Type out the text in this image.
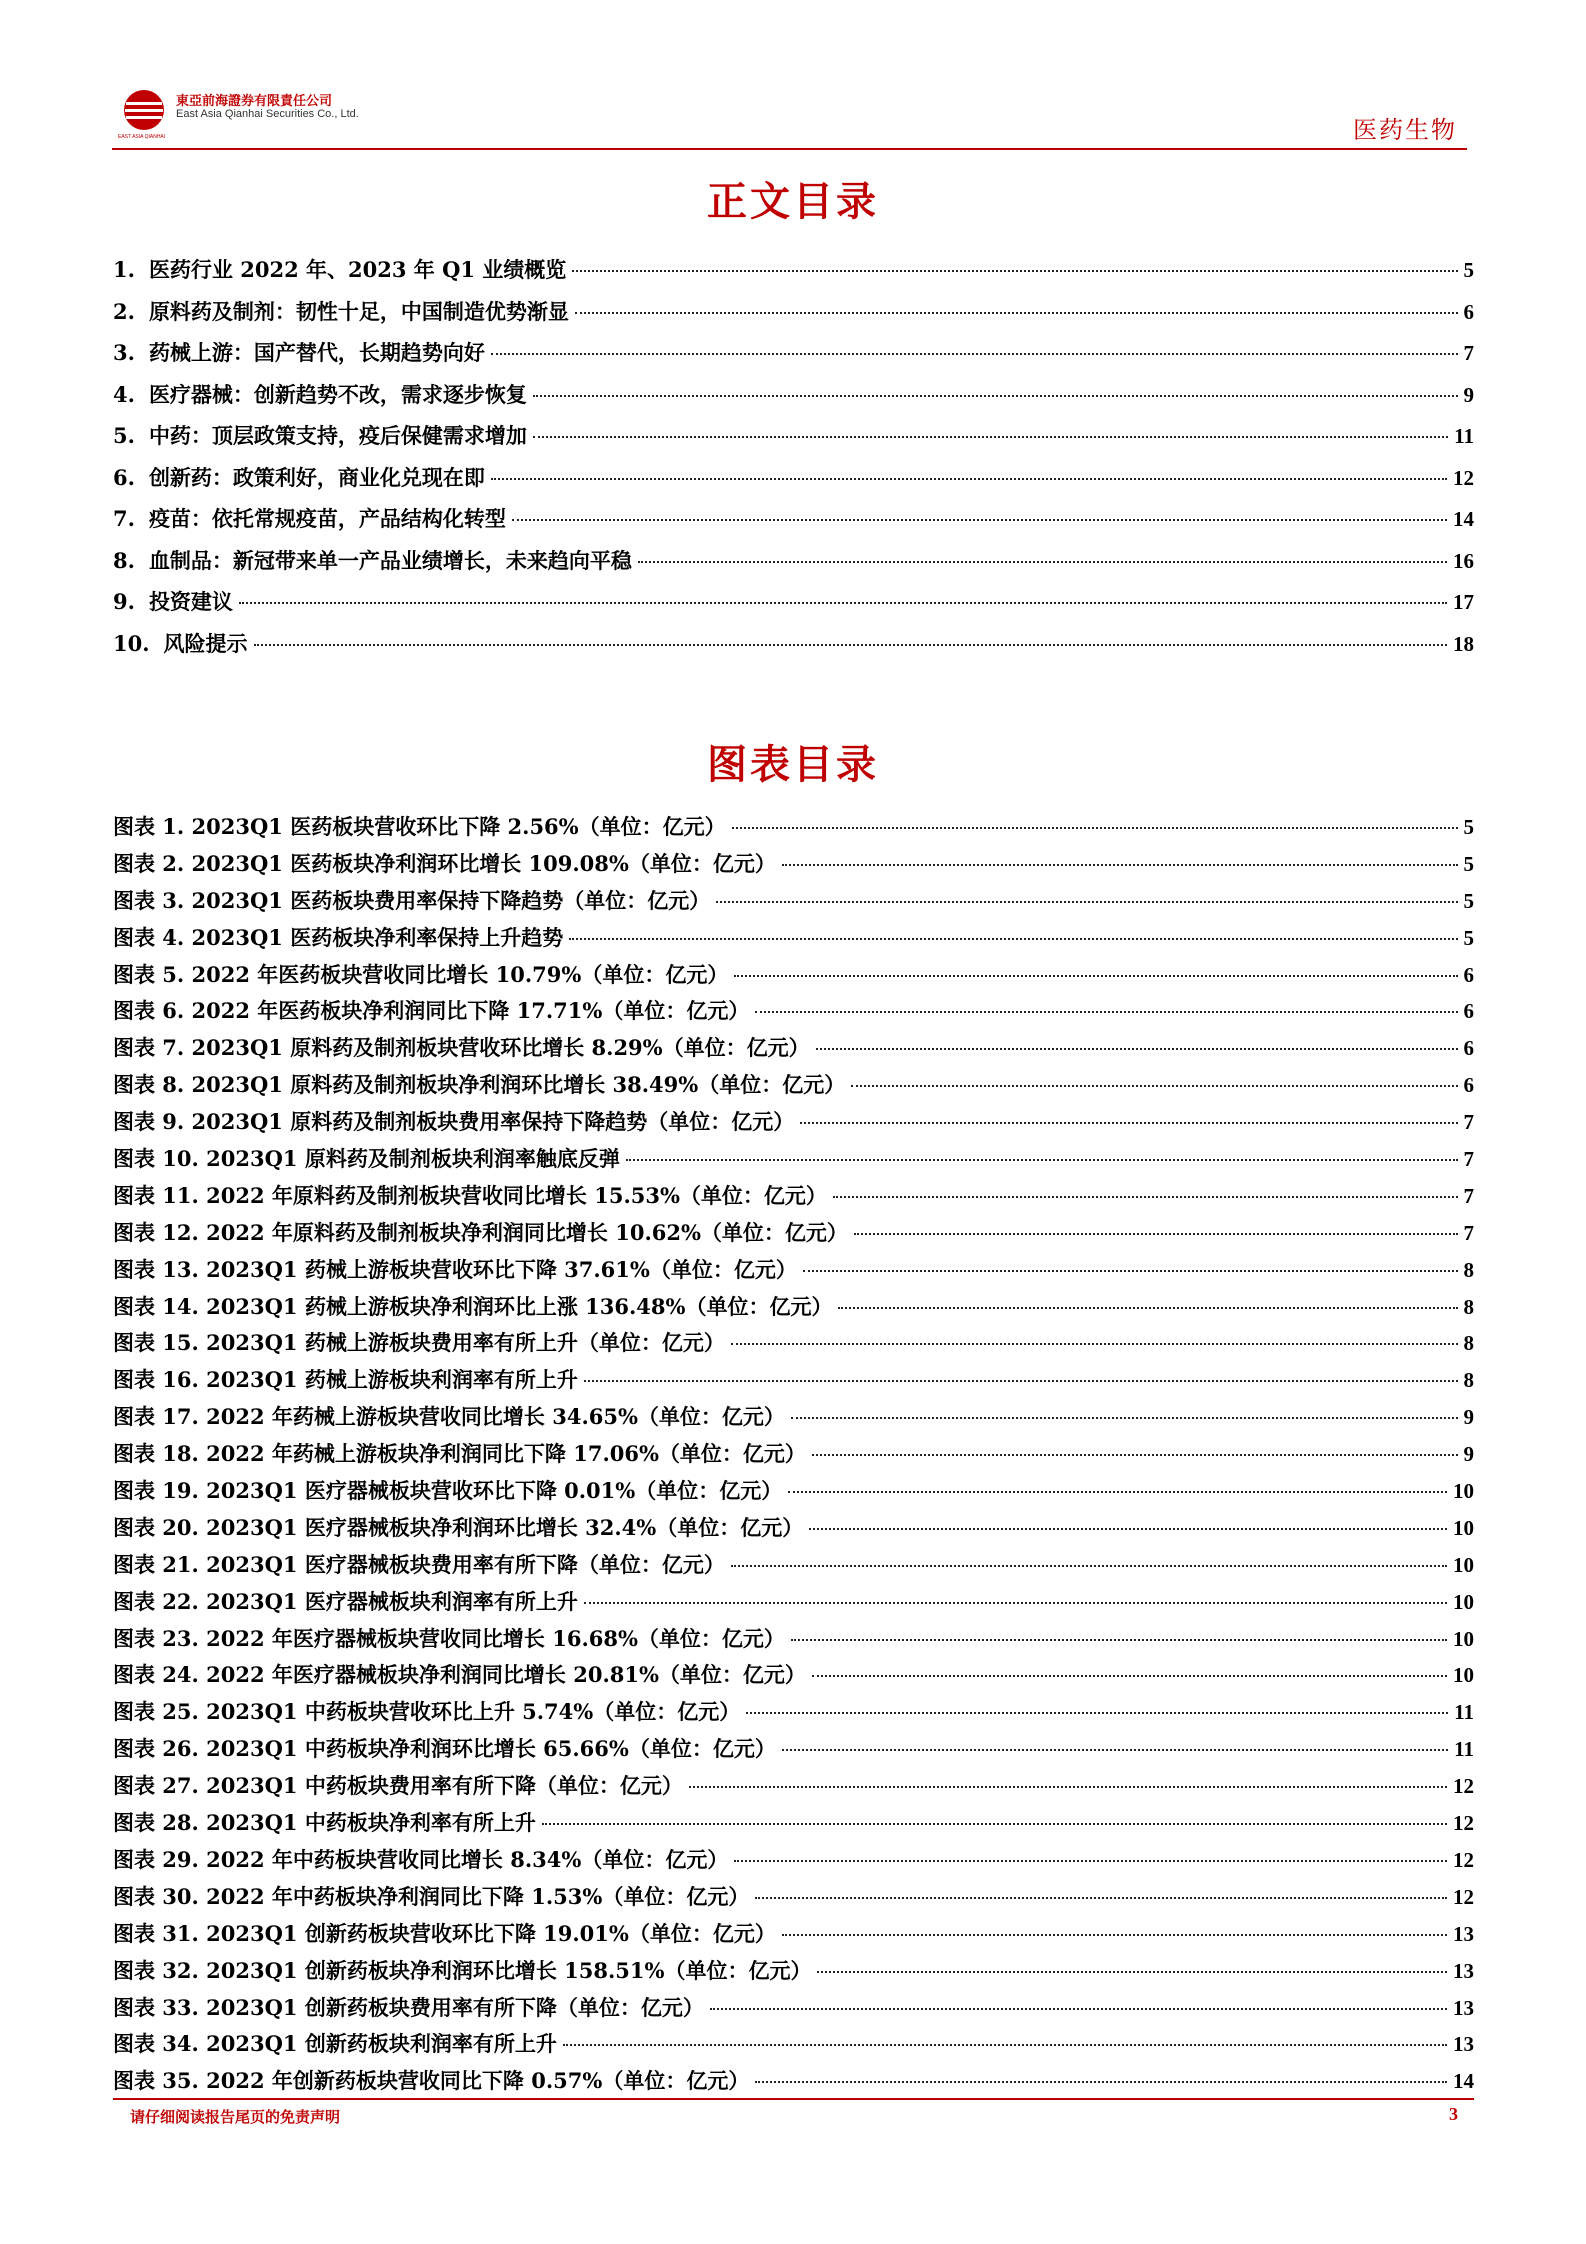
EAST ASIA QIANHAI
東亞前海證券有限責任公司
East Asia Qianhai Securities Co., Ltd.
医药生物
正文目录
1. 医药行业 2022 年、2023 年 Q1 业绩概览	5
2. 原料药及制剂：韧性十足，中国制造优势渐显	6
3. 药械上游：国产替代，长期趋势向好	7
4. 医疗器械：创新趋势不改，需求逐步恢复	9
5. 中药：顶层政策支持，疫后保健需求增加	11
6. 创新药：政策利好，商业化兑现在即	12
7. 疫苗：依托常规疫苗，产品结构化转型	14
8. 血制品：新冠带来单一产品业绩增长，未来趋向平稳	16
9. 投资建议	17
10. 风险提示	18
图表目录
图表 1. 2023Q1 医药板块营收环比下降 2.56%（单位：亿元）	5
图表 2. 2023Q1 医药板块净利润环比增长 109.08%（单位：亿元）	5
图表 3. 2023Q1 医药板块费用率保持下降趋势（单位：亿元）	5
图表 4. 2023Q1 医药板块净利率保持上升趋势	5
图表 5. 2022 年医药板块营收同比增长 10.79%（单位：亿元）	6
图表 6. 2022 年医药板块净利润同比下降 17.71%（单位：亿元）	6
图表 7. 2023Q1 原料药及制剂板块营收环比增长 8.29%（单位：亿元）	6
图表 8. 2023Q1 原料药及制剂板块净利润环比增长 38.49%（单位：亿元）	6
图表 9. 2023Q1 原料药及制剂板块费用率保持下降趋势（单位：亿元）	7
图表 10. 2023Q1 原料药及制剂板块利润率触底反弹	7
图表 11. 2022 年原料药及制剂板块营收同比增长 15.53%（单位：亿元）	7
图表 12. 2022 年原料药及制剂板块净利润同比增长 10.62%（单位：亿元）	7
图表 13. 2023Q1 药械上游板块营收环比下降 37.61%（单位：亿元）	8
图表 14. 2023Q1 药械上游板块净利润环比上涨 136.48%（单位：亿元）	8
图表 15. 2023Q1 药械上游板块费用率有所上升（单位：亿元）	8
图表 16. 2023Q1 药械上游板块利润率有所上升	8
图表 17. 2022 年药械上游板块营收同比增长 34.65%（单位：亿元）	9
图表 18. 2022 年药械上游板块净利润同比下降 17.06%（单位：亿元）	9
图表 19. 2023Q1 医疗器械板块营收环比下降 0.01%（单位：亿元）	10
图表 20. 2023Q1 医疗器械板块净利润环比增长 32.4%（单位：亿元）	10
图表 21. 2023Q1 医疗器械板块费用率有所下降（单位：亿元）	10
图表 22. 2023Q1 医疗器械板块利润率有所上升	10
图表 23. 2022 年医疗器械板块营收同比增长 16.68%（单位：亿元）	10
图表 24. 2022 年医疗器械板块净利润同比增长 20.81%（单位：亿元）	10
图表 25. 2023Q1 中药板块营收环比上升 5.74%（单位：亿元）	11
图表 26. 2023Q1 中药板块净利润环比增长 65.66%（单位：亿元）	11
图表 27. 2023Q1 中药板块费用率有所下降（单位：亿元）	12
图表 28. 2023Q1 中药板块净利率有所上升	12
图表 29. 2022 年中药板块营收同比增长 8.34%（单位：亿元）	12
图表 30. 2022 年中药板块净利润同比下降 1.53%（单位：亿元）	12
图表 31. 2023Q1 创新药板块营收环比下降 19.01%（单位：亿元）	13
图表 32. 2023Q1 创新药板块净利润环比增长 158.51%（单位：亿元）	13
图表 33. 2023Q1 创新药板块费用率有所下降（单位：亿元）	13
图表 34. 2023Q1 创新药板块利润率有所上升	13
图表 35. 2022 年创新药板块营收同比下降 0.57%（单位：亿元）	14
请仔细阅读报告尾页的免责声明	3
